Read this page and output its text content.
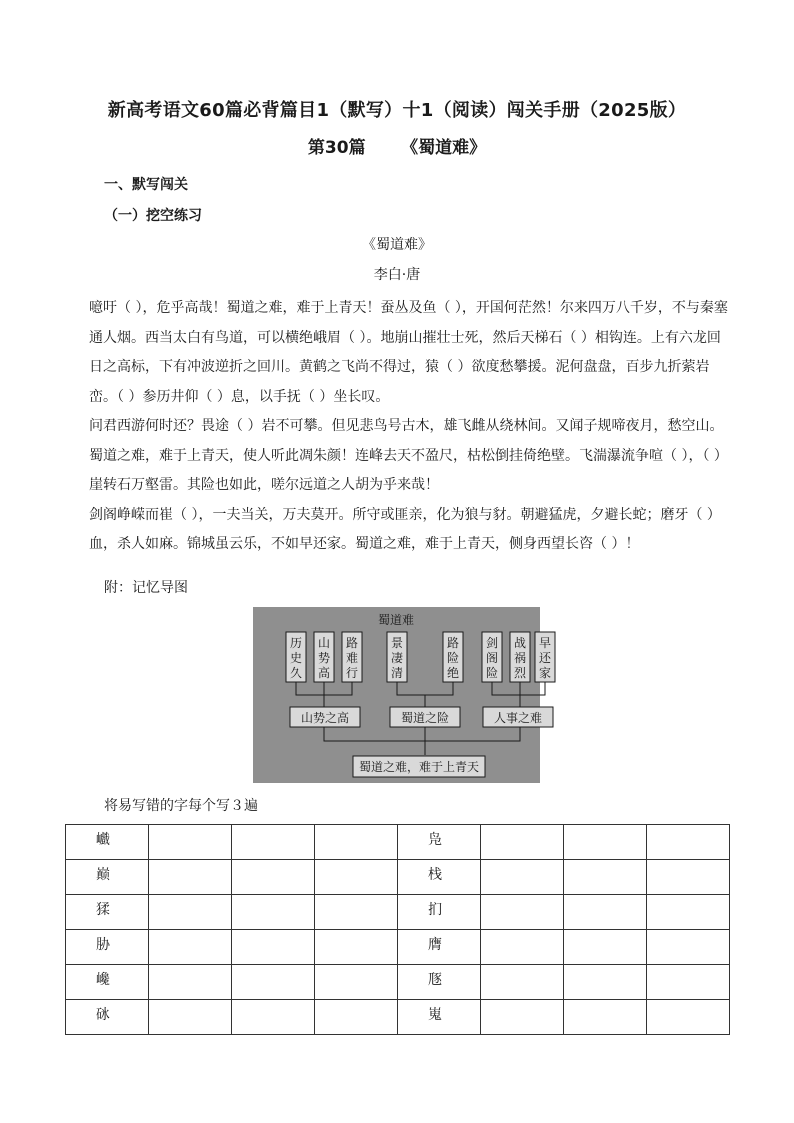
新高考语文60篇必背篇目1（默写）十1（阅读）闯关手册（2025版）
第30篇      《蜀道难》
一、默写闯关
（一）挖空练习
《蜀道难》
李白·唐

噫吁（ ），危乎高哉！蜀道之难，难于上青天！蚕丛及鱼（ ），开国何茫然！尔来四万八千岁，不与秦塞通人烟。西当太白有鸟道，可以横绝峨眉（ ）。地崩山摧壮士死，然后天梯石（ ）相钩连。上有六龙回日之高标，下有冲波逆折之回川。黄鹤之飞尚不得过，猿（ ）欲度愁攀援。泥何盘盘，百步九折萦岩峦。（ ）参历井仰（ ）息，以手抚（ ）坐长叹。

问君西游何时还？畏途（ ）岩不可攀。但见悲鸟号古木，雄飞雌从绕林间。又闻子规啼夜月，愁空山。蜀道之难，难于上青天，使人听此凋朱颜！连峰去天不盈尺，枯松倒挂倚绝壁。飞湍瀑流争喧（ ），（ ）崖转石万壑雷。其险也如此，嗟尔远道之人胡为乎来哉！

剑阁峥嵘而崔（ ），一夫当关，万夫莫开。所守或匪亲，化为狼与豺。朝避猛虎，夕避长蛇；磨牙（ ）血，杀人如麻。锦城虽云乐，不如早还家。蜀道之难，难于上青天，侧身西望长咨（ ）！

附：记忆导图
蜀道难
历史久
山势高
路难行
景凄清
路险绝
剑阁险
战祸烈
早还家
山势之高	蜀道之险	人事之难
蜀道之难，难于上青天
将易写错的字每个写３遍
巇				凫			
巅				栈			
猱				扪			
胁				膺			
巉				豗			
砯				嵬			
